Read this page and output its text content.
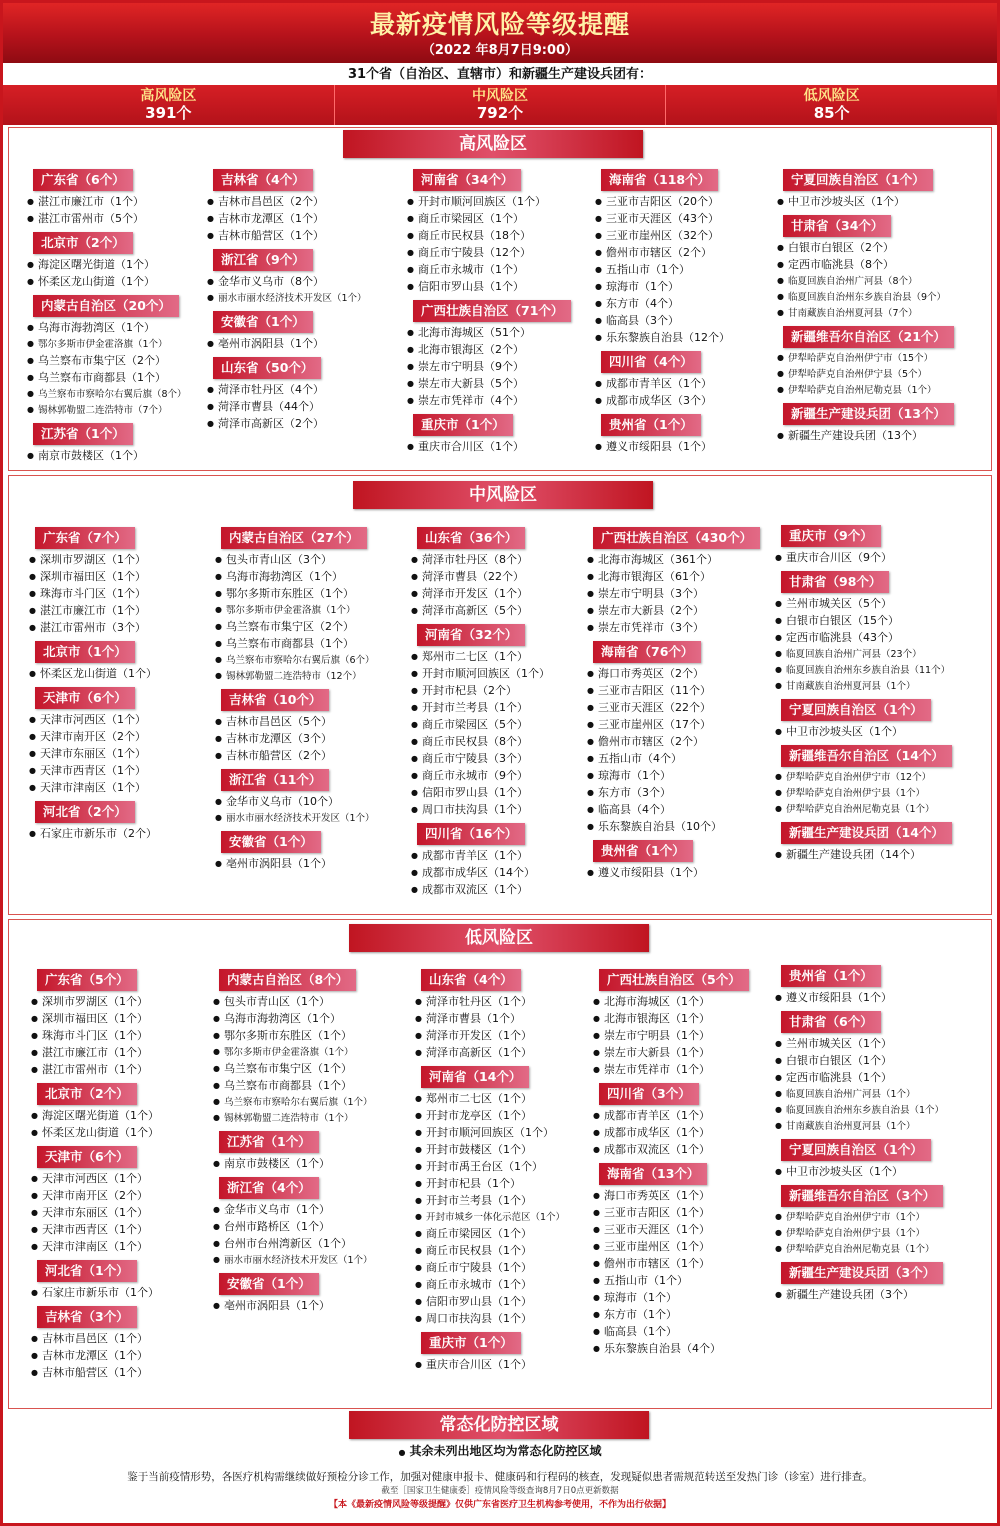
最新疫情风险等级提醒
（2022 年8月7日9:00）
31个省（自治区、直辖市）和新疆生产建设兵团有：
高风险区
391个
中风险区
792个
低风险区
85个
高风险区
广东省（6个）

● 湛江市廉江市（1个）
● 湛江市雷州市（5个）
北京市（2个）

● 海淀区曙光街道（1个）
● 怀柔区龙山街道（1个）
内蒙古自治区（20个）

● 乌海市海勃湾区（1个）
● 鄂尔多斯市伊金霍洛旗（1个）
● 乌兰察布市集宁区（2个）
● 乌兰察布市商都县（1个）
● 乌兰察布市察哈尔右翼后旗（8个）
● 锡林郭勒盟二连浩特市（7个）
江苏省（1个）

● 南京市鼓楼区（1个）
吉林省（4个）

● 吉林市昌邑区（2个）
● 吉林市龙潭区（1个）
● 吉林市船营区（1个）
浙江省（9个）

● 金华市义乌市（8个）
● 丽水市丽水经济技术开发区（1个）
安徽省（1个）

● 亳州市涡阳县（1个）
山东省（50个）

● 菏泽市牡丹区（4个）
● 菏泽市曹县（44个）
● 菏泽市高新区（2个）
河南省（34个）

● 开封市顺河回族区（1个）
● 商丘市梁园区（1个）
● 商丘市民权县（18个）
● 商丘市宁陵县（12个）
● 商丘市永城市（1个）
● 信阳市罗山县（1个）
广西壮族自治区（71个）

● 北海市海城区（51个）
● 北海市银海区（2个）
● 崇左市宁明县（9个）
● 崇左市大新县（5个）
● 崇左市凭祥市（4个）
重庆市（1个）

● 重庆市合川区（1个）
海南省（118个）

● 三亚市吉阳区（20个）
● 三亚市天涯区（43个）
● 三亚市崖州区（32个）
● 儋州市市辖区（2个）
● 五指山市（1个）
● 琼海市（1个）
● 东方市（4个）
● 临高县（3个）
● 乐东黎族自治县（12个）
四川省（4个）

● 成都市青羊区（1个）
● 成都市成华区（3个）
贵州省（1个）

● 遵义市绥阳县（1个）
宁夏回族自治区（1个）

● 中卫市沙坡头区（1个）
甘肃省（34个）

● 白银市白银区（2个）
● 定西市临洮县（8个）
● 临夏回族自治州广河县（8个）
● 临夏回族自治州东乡族自治县（9个）
● 甘南藏族自治州夏河县（7个）
新疆维吾尔自治区（21个）

● 伊犁哈萨克自治州伊宁市（15个）
● 伊犁哈萨克自治州伊宁县（5个）
● 伊犁哈萨克自治州尼勒克县（1个）
新疆生产建设兵团（13个）

● 新疆生产建设兵团（13个）
中风险区
广东省（7个）

● 深圳市罗湖区（1个）
● 深圳市福田区（1个）
● 珠海市斗门区（1个）
● 湛江市廉江市（1个）
● 湛江市雷州市（3个）
北京市（1个）

● 怀柔区龙山街道（1个）
天津市（6个）

● 天津市河西区（1个）
● 天津市南开区（2个）
● 天津市东丽区（1个）
● 天津市西青区（1个）
● 天津市津南区（1个）
河北省（2个）

● 石家庄市新乐市（2个）
内蒙古自治区（27个）

● 包头市青山区（3个）
● 乌海市海勃湾区（1个）
● 鄂尔多斯市东胜区（1个）
● 鄂尔多斯市伊金霍洛旗（1个）
● 乌兰察布市集宁区（2个）
● 乌兰察布市商都县（1个）
● 乌兰察布市察哈尔右翼后旗（6个）
● 锡林郭勒盟二连浩特市（12个）
吉林省（10个）

● 吉林市昌邑区（5个）
● 吉林市龙潭区（3个）
● 吉林市船营区（2个）
浙江省（11个）

● 金华市义乌市（10个）
● 丽水市丽水经济技术开发区（1个）
安徽省（1个）

● 亳州市涡阳县（1个）
山东省（36个）

● 菏泽市牡丹区（8个）
● 菏泽市曹县（22个）
● 菏泽市开发区（1个）
● 菏泽市高新区（5个）
河南省（32个）

● 郑州市二七区（1个）
● 开封市顺河回族区（1个）
● 开封市杞县（2个）
● 开封市兰考县（1个）
● 商丘市梁园区（5个）
● 商丘市民权县（8个）
● 商丘市宁陵县（3个）
● 商丘市永城市（9个）
● 信阳市罗山县（1个）
● 周口市扶沟县（1个）
四川省（16个）

● 成都市青羊区（1个）
● 成都市成华区（14个）
● 成都市双流区（1个）
广西壮族自治区（430个）

● 北海市海城区（361个）
● 北海市银海区（61个）
● 崇左市宁明县（3个）
● 崇左市大新县（2个）
● 崇左市凭祥市（3个）
海南省（76个）

● 海口市秀英区（2个）
● 三亚市吉阳区（11个）
● 三亚市天涯区（22个）
● 三亚市崖州区（17个）
● 儋州市市辖区（2个）
● 五指山市（4个）
● 琼海市（1个）
● 东方市（3个）
● 临高县（4个）
● 乐东黎族自治县（10个）
贵州省（1个）

● 遵义市绥阳县（1个）
重庆市（9个）

● 重庆市合川区（9个）
甘肃省（98个）

● 兰州市城关区（5个）
● 白银市白银区（15个）
● 定西市临洮县（43个）
● 临夏回族自治州广河县（23个）
● 临夏回族自治州东乡族自治县（11个）
● 甘南藏族自治州夏河县（1个）
宁夏回族自治区（1个）

● 中卫市沙坡头区（1个）
新疆维吾尔自治区（14个）

● 伊犁哈萨克自治州伊宁市（12个）
● 伊犁哈萨克自治州伊宁县（1个）
● 伊犁哈萨克自治州尼勒克县（1个）
新疆生产建设兵团（14个）

● 新疆生产建设兵团（14个）
低风险区
广东省（5个）

● 深圳市罗湖区（1个）
● 深圳市福田区（1个）
● 珠海市斗门区（1个）
● 湛江市廉江市（1个）
● 湛江市雷州市（1个）
北京市（2个）

● 海淀区曙光街道（1个）
● 怀柔区龙山街道（1个）
天津市（6个）

● 天津市河西区（1个）
● 天津市南开区（2个）
● 天津市东丽区（1个）
● 天津市西青区（1个）
● 天津市津南区（1个）
河北省（1个）

● 石家庄市新乐市（1个）
吉林省（3个）

● 吉林市昌邑区（1个）
● 吉林市龙潭区（1个）
● 吉林市船营区（1个）
内蒙古自治区（8个）

● 包头市青山区（1个）
● 乌海市海勃湾区（1个）
● 鄂尔多斯市东胜区（1个）
● 鄂尔多斯市伊金霍洛旗（1个）
● 乌兰察布市集宁区（1个）
● 乌兰察布市商都县（1个）
● 乌兰察布市察哈尔右翼后旗（1个）
● 锡林郭勒盟二连浩特市（1个）
江苏省（1个）

● 南京市鼓楼区（1个）
浙江省（4个）

● 金华市义乌市（1个）
● 台州市路桥区（1个）
● 台州市台州湾新区（1个）
● 丽水市丽水经济技术开发区（1个）
安徽省（1个）

● 亳州市涡阳县（1个）
山东省（4个）

● 菏泽市牡丹区（1个）
● 菏泽市曹县（1个）
● 菏泽市开发区（1个）
● 菏泽市高新区（1个）
河南省（14个）

● 郑州市二七区（1个）
● 开封市龙亭区（1个）
● 开封市顺河回族区（1个）
● 开封市鼓楼区（1个）
● 开封市禹王台区（1个）
● 开封市杞县（1个）
● 开封市兰考县（1个）
● 开封市城乡一体化示范区（1个）
● 商丘市梁园区（1个）
● 商丘市民权县（1个）
● 商丘市宁陵县（1个）
● 商丘市永城市（1个）
● 信阳市罗山县（1个）
● 周口市扶沟县（1个）
重庆市（1个）

● 重庆市合川区（1个）
广西壮族自治区（5个）

● 北海市海城区（1个）
● 北海市银海区（1个）
● 崇左市宁明县（1个）
● 崇左市大新县（1个）
● 崇左市凭祥市（1个）
四川省（3个）

● 成都市青羊区（1个）
● 成都市成华区（1个）
● 成都市双流区（1个）
海南省（13个）

● 海口市秀英区（1个）
● 三亚市吉阳区（1个）
● 三亚市天涯区（1个）
● 三亚市崖州区（1个）
● 儋州市市辖区（1个）
● 五指山市（1个）
● 琼海市（1个）
● 东方市（1个）
● 临高县（1个）
● 乐东黎族自治县（4个）
贵州省（1个）

● 遵义市绥阳县（1个）
甘肃省（6个）

● 兰州市城关区（1个）
● 白银市白银区（1个）
● 定西市临洮县（1个）
● 临夏回族自治州广河县（1个）
● 临夏回族自治州东乡族自治县（1个）
● 甘南藏族自治州夏河县（1个）
宁夏回族自治区（1个）

● 中卫市沙坡头区（1个）
新疆维吾尔自治区（3个）

● 伊犁哈萨克自治州伊宁市（1个）
● 伊犁哈萨克自治州伊宁县（1个）
● 伊犁哈萨克自治州尼勒克县（1个）
新疆生产建设兵团（3个）

● 新疆生产建设兵团（3个）
常态化防控区域
● 其余未列出地区均为常态化防控区域
鉴于当前疫情形势，各医疗机构需继续做好预检分诊工作，加强对健康申报卡、健康码和行程码的核查，发现疑似患者需规范转送至发热门诊（诊室）进行排查。
截至［国家卫生健康委］疫情风险等级查询8月7日0点更新数据
【本《最新疫情风险等级提醒》仅供广东省医疗卫生机构参考使用，不作为出行依据】
